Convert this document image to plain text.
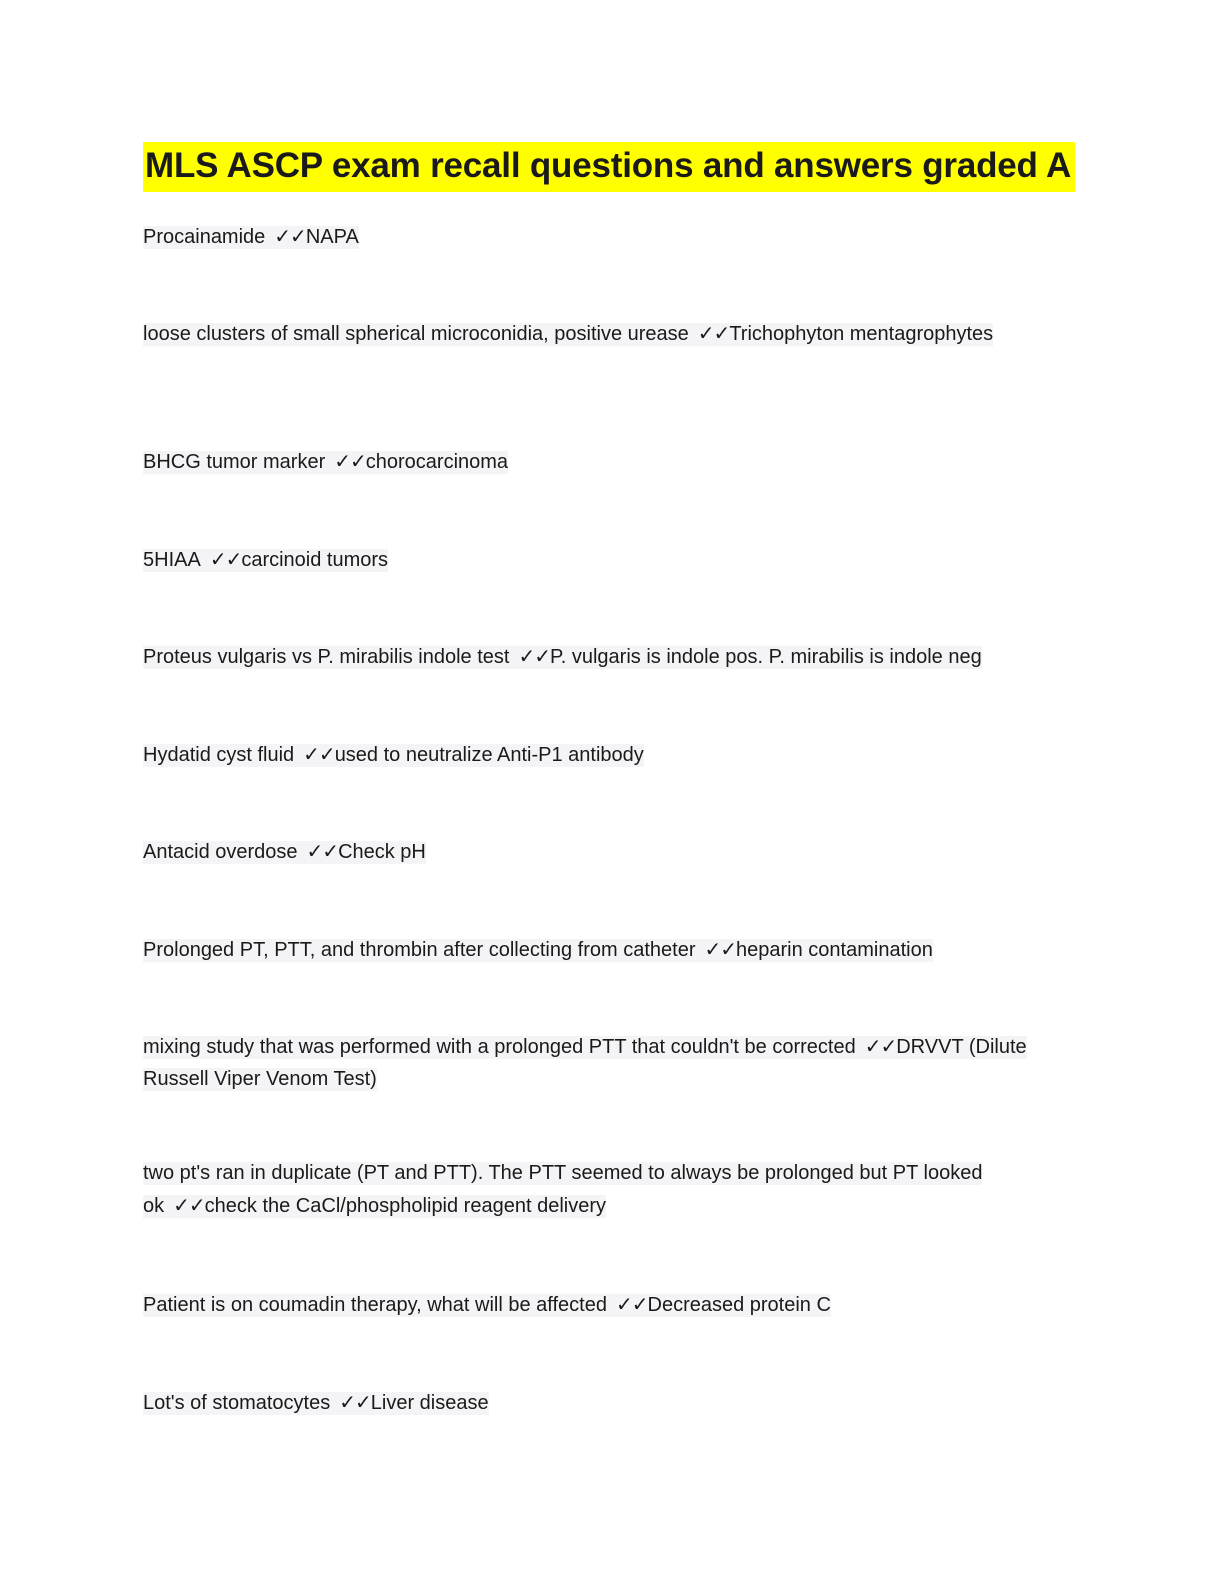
MLS ASCP exam recall questions and answers graded A
Procainamide ✓✓NAPA
loose clusters of small spherical microconidia, positive urease ✓✓Trichophyton mentagrophytes
BHCG tumor marker ✓✓chorocarcinoma
5HIAA ✓✓carcinoid tumors
Proteus vulgaris vs P. mirabilis indole test ✓✓P. vulgaris is indole pos. P. mirabilis is indole neg
Hydatid cyst fluid ✓✓used to neutralize Anti-P1 antibody
Antacid overdose ✓✓Check pH
Prolonged PT, PTT, and thrombin after collecting from catheter ✓✓heparin contamination
mixing study that was performed with a prolonged PTT that couldn't be corrected ✓✓DRVVT (Dilute Russell Viper Venom Test)
two pt's ran in duplicate (PT and PTT). The PTT seemed to always be prolonged but PT looked ok ✓✓check the CaCl/phospholipid reagent delivery
Patient is on coumadin therapy, what will be affected ✓✓Decreased protein C
Lot's of stomatocytes ✓✓Liver disease
